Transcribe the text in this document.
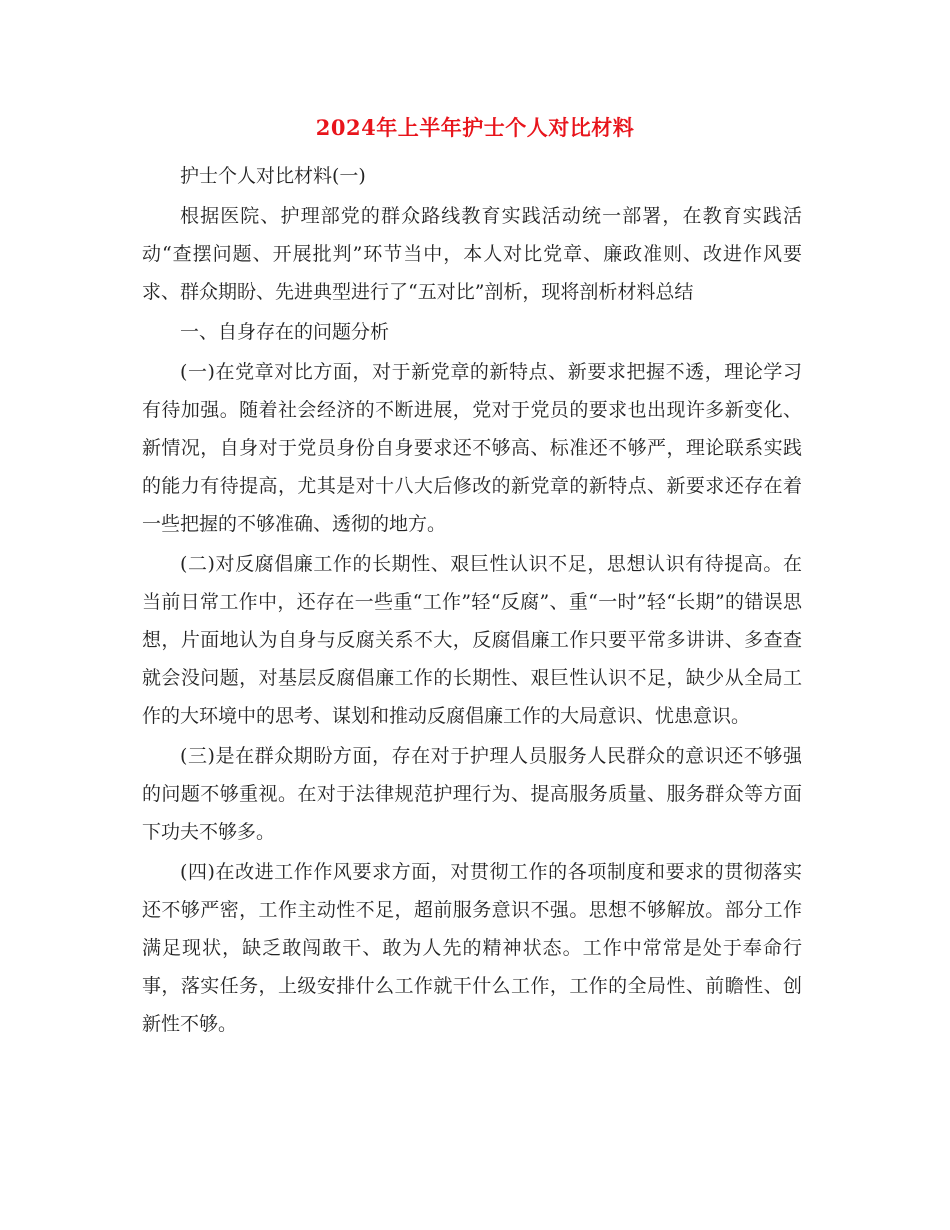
2024年上半年护士个人对比材料

护士个人对比材料(一)

根据医院、护理部党的群众路线教育实践活动统一部署，在教育实践活动“查摆问题、开展批判”环节当中，本人对比党章、廉政准则、改进作风要求、群众期盼、先进典型进行了“五对比”剖析，现将剖析材料总结

一、自身存在的问题分析

(一)在党章对比方面，对于新党章的新特点、新要求把握不透，理论学习有待加强。随着社会经济的不断进展，党对于党员的要求也出现许多新变化、新情况，自身对于党员身份自身要求还不够高、标准还不够严，理论联系实践的能力有待提高，尤其是对十八大后修改的新党章的新特点、新要求还存在着一些把握的不够准确、透彻的地方。

(二)对反腐倡廉工作的长期性、艰巨性认识不足，思想认识有待提高。在当前日常工作中，还存在一些重“工作”轻“反腐”、重“一时”轻“长期”的错误思想，片面地认为自身与反腐关系不大，反腐倡廉工作只要平常多讲讲、多查查就会没问题，对基层反腐倡廉工作的长期性、艰巨性认识不足，缺少从全局工作的大环境中的思考、谋划和推动反腐倡廉工作的大局意识、忧患意识。

(三)是在群众期盼方面，存在对于护理人员服务人民群众的意识还不够强的问题不够重视。在对于法律规范护理行为、提高服务质量、服务群众等方面下功夫不够多。

(四)在改进工作作风要求方面，对贯彻工作的各项制度和要求的贯彻落实还不够严密，工作主动性不足，超前服务意识不强。思想不够解放。部分工作满足现状，缺乏敢闯敢干、敢为人先的精神状态。工作中常常是处于奉命行事，落实任务，上级安排什么工作就干什么工作，工作的全局性、前瞻性、创新性不够。
